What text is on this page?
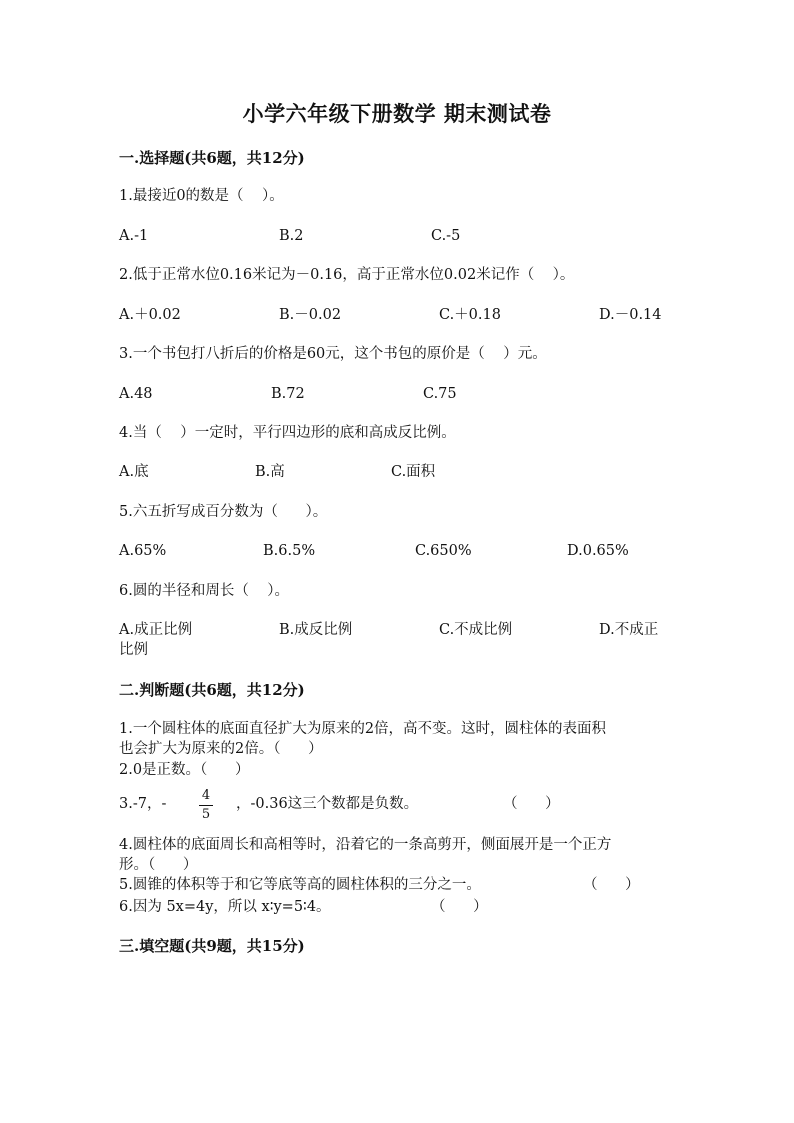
小学六年级下册数学 期末测试卷
一.选择题(共6题，共12分)
1.最接近0的数是（    ）。
A.-1	B.2	C.-5
2.低于正常水位0.16米记为－0.16，高于正常水位0.02米记作（    ）。
A.＋0.02	B.－0.02	C.＋0.18	D.－0.14
3.一个书包打八折后的价格是60元，这个书包的原价是（    ）元。
A.48	B.72	C.75
4.当（    ）一定时，平行四边形的底和高成反比例。
A.底	B.高	C.面积
5.六五折写成百分数为（      ）。
A.65%	B.6.5%	C.650%	D.0.65%
6.圆的半径和周长（    ）。
A.成正比例	B.成反比例	C.不成比例	D.不成正
比例
二.判断题(共6题，共12分)
1.一个圆柱体的底面直径扩大为原来的2倍，高不变。这时，圆柱体的表面积
也会扩大为原来的2倍。（      ）
2.0是正数。（      ）
3.-7，-	$\frac{4}{5}$ ，-0.36这三个数都是负数。	（      ）
4.圆柱体的底面周长和高相等时，沿着它的一条高剪开，侧面展开是一个正方
形。（      ）
5.圆锥的体积等于和它等底等高的圆柱体积的三分之一。	（      ）
6.因为 5x=4y，所以 x∶y=5∶4。	（      ）
三.填空题(共9题，共15分)
